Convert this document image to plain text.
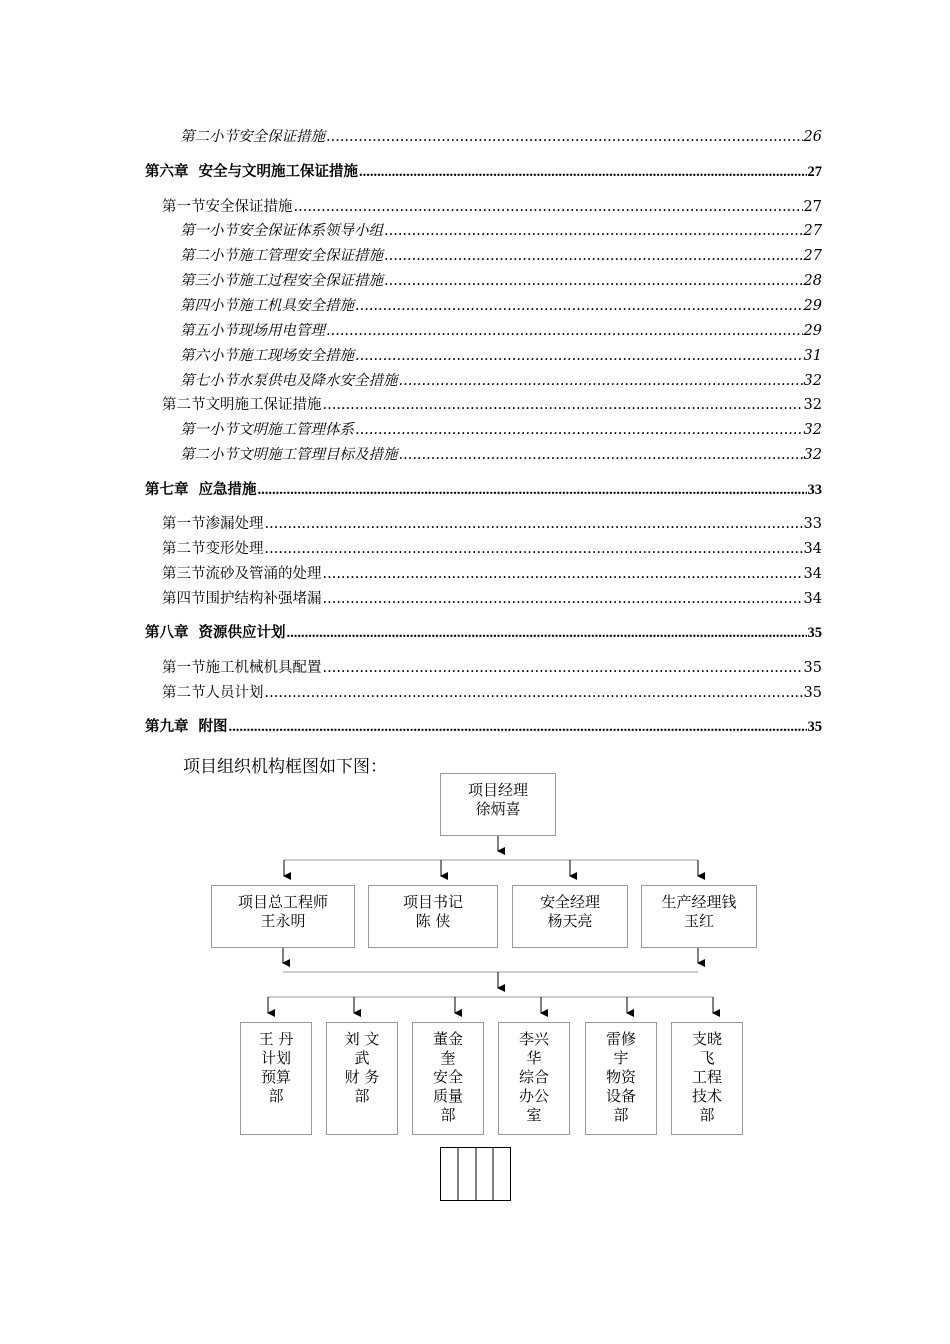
第二小节 安全保证措施 .....	26
第六章 安全与文明施工保证措施 .....	27
第一节 安全保证措施 .....	27
第一小节 安全保证体系领导小组 .....	27
第二小节 施工管理安全保证措施 .....	27
第三小节 施工过程安全保证措施 .....	28
第四小节 施工机具安全措施 .....	29
第五小节 现场用电管理 .....	29
第六小节 施工现场安全措施 .....	31
第七小节 水泵供电及降水安全措施 .....	32
第二节 文明施工保证措施 .....	32
第一小节 文明施工管理体系 .....	32
第二小节 文明施工管理目标及措施 .....	32
第七章 应急措施 .....	33
第一节 渗漏处理 .....	33
第二节 变形处理 .....	34
第三节 流砂及管涌的处理 .....	34
第四节 围护结构补强堵漏 .....	34
第八章 资源供应计划 .....	35
第一节 施工机械机具配置 .....	35
第二节 人员计划 .....	35
第九章 附图 .....	35
项目组织机构框图如下图：
项目经理
徐炳喜
项目总工程师
王永明
项目书记
陈 侠
安全经理
杨天亮
生产经理钱
玉红
王 丹
计划
预算
部
刘 文
武
财 务
部
董金
奎
安全
质量
部
李兴
华
综合
办公
室
雷修
宇
物资
设备
部
支晓
飞
工程
技术
部
